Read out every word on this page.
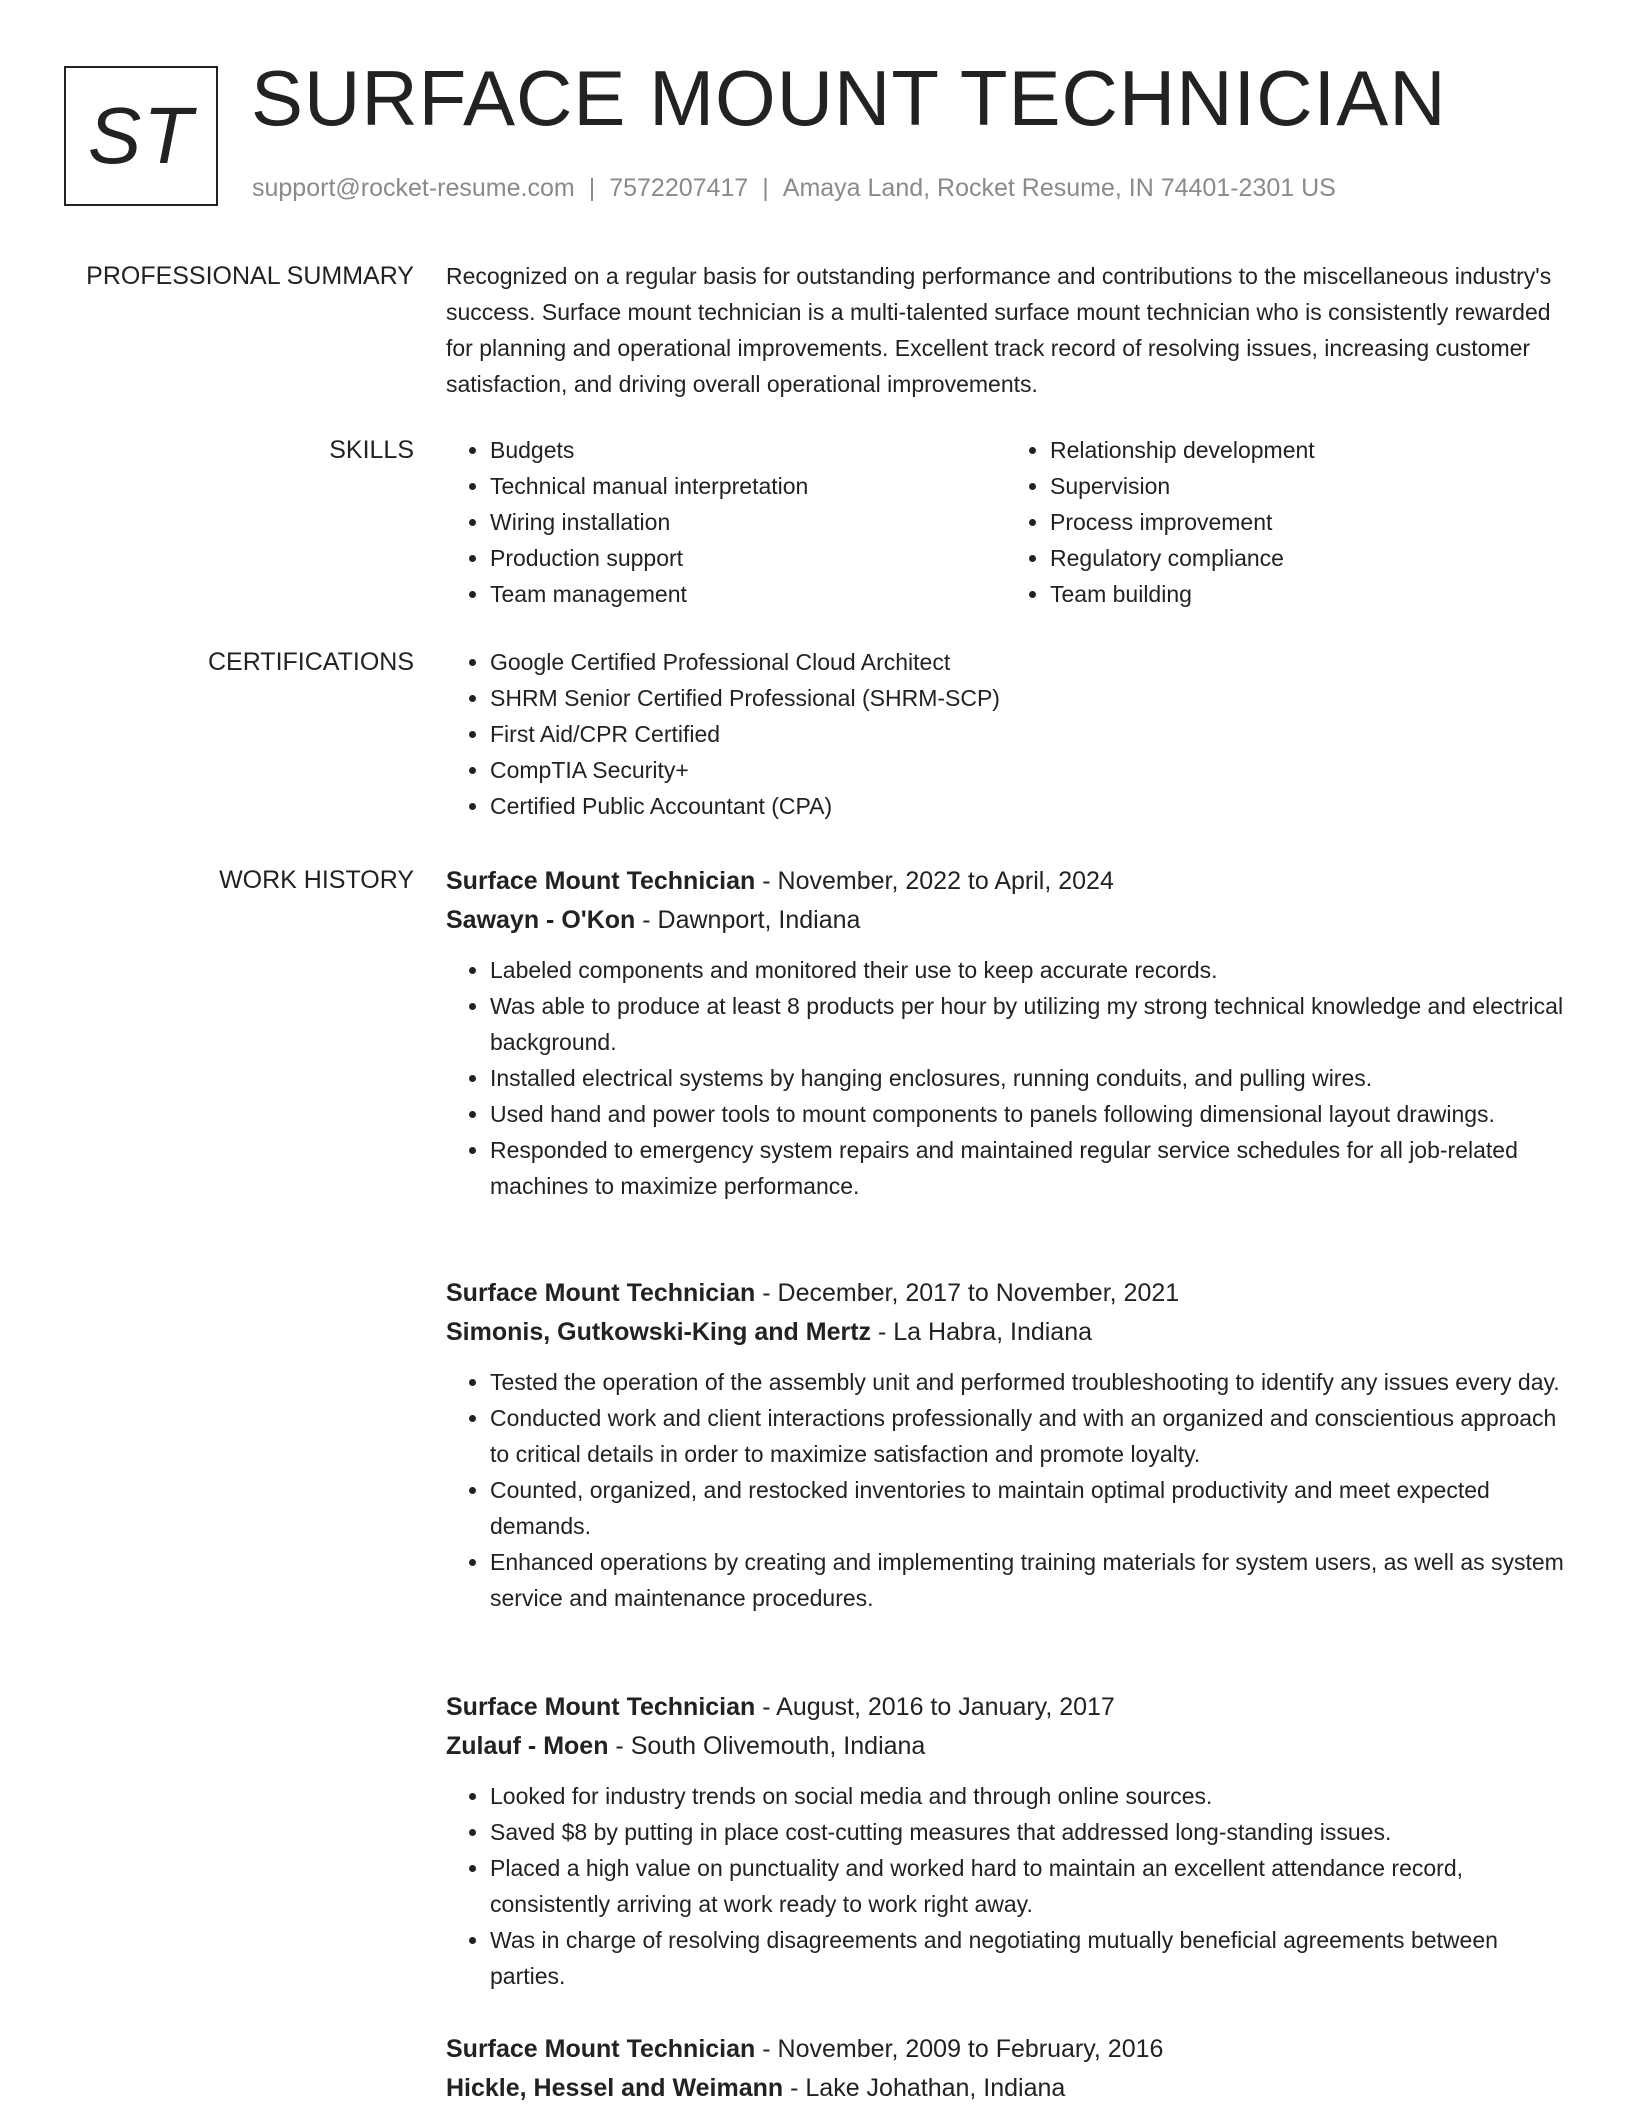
ST SURFACE MOUNT TECHNICIAN
support@rocket-resume.com | 7572207417 | Amaya Land, Rocket Resume, IN 74401-2301 US
PROFESSIONAL SUMMARY Recognized on a regular basis for outstanding performance and contributions to the miscellaneous industry's success. Surface mount technician is a multi-talented surface mount technician who is consistently rewarded for planning and operational improvements. Excellent track record of resolving issues, increasing customer satisfaction, and driving overall operational improvements.

SKILLS	• Budgets
• Technical manual interpretation
• Wiring installation
• Production support
• Team management
• Relationship development
• Supervision
• Process improvement
• Regulatory compliance
• Team building
CERTIFICATIONS	• Google Certified Professional Cloud Architect
• SHRM Senior Certified Professional (SHRM-SCP)
• First Aid/CPR Certified
• CompTIA Security+
• Certified Public Accountant (CPA)
WORK HISTORY Surface Mount Technician - November, 2022 to April, 2024
Sawayn - O'Kon - Dawnport, Indiana
• Labeled components and monitored their use to keep accurate records.
• Was able to produce at least 8 products per hour by utilizing my strong technical knowledge and electrical background.
• Installed electrical systems by hanging enclosures, running conduits, and pulling wires.
• Used hand and power tools to mount components to panels following dimensional layout drawings.
• Responded to emergency system repairs and maintained regular service schedules for all job-related machines to maximize performance.
Surface Mount Technician - December, 2017 to November, 2021
Simonis, Gutkowski-King and Mertz - La Habra, Indiana
• Tested the operation of the assembly unit and performed troubleshooting to identify any issues every day.
• Conducted work and client interactions professionally and with an organized and conscientious approach to critical details in order to maximize satisfaction and promote loyalty.
• Counted, organized, and restocked inventories to maintain optimal productivity and meet expected demands.
• Enhanced operations by creating and implementing training materials for system users, as well as system service and maintenance procedures.
Surface Mount Technician - August, 2016 to January, 2017
Zulauf - Moen - South Olivemouth, Indiana
• Looked for industry trends on social media and through online sources.
• Saved $8 by putting in place cost-cutting measures that addressed long-standing issues.
• Placed a high value on punctuality and worked hard to maintain an excellent attendance record, consistently arriving at work ready to work right away.
• Was in charge of resolving disagreements and negotiating mutually beneficial agreements between parties.
Surface Mount Technician - November, 2009 to February, 2016
Hickle, Hessel and Weimann - Lake Johathan, Indiana
